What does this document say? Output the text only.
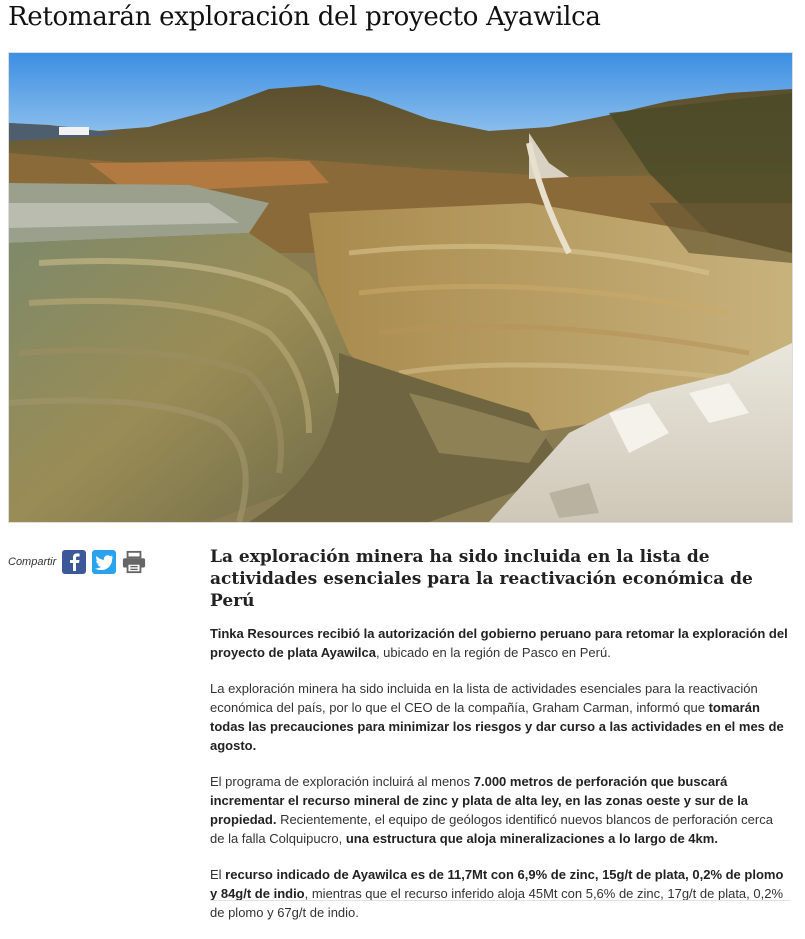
Retomarán exploración del proyecto Ayawilca
Compartir	La exploración minera ha sido incluida en la lista de actividades esenciales para la reactivación económica de Perú

Tinka Resources recibió la autorización del gobierno peruano para retomar la exploración del proyecto de plata Ayawilca, ubicado en la región de Pasco en Perú.

La exploración minera ha sido incluida en la lista de actividades esenciales para la reactivación económica del país, por lo que el CEO de la compañía, Graham Carman, informó que tomarán todas las precauciones para minimizar los riesgos y dar curso a las actividades en el mes de agosto.

El programa de exploración incluirá al menos 7.000 metros de perforación que buscará incrementar el recurso mineral de zinc y plata de alta ley, en las zonas oeste y sur de la propiedad. Recientemente, el equipo de geólogos identificó nuevos blancos de perforación cerca de la falla Colquipucro, una estructura que aloja mineralizaciones a lo largo de 4km.

El recurso indicado de Ayawilca es de 11,7Mt con 6,9% de zinc, 15g/t de plata, 0,2% de plomo y 84g/t de indio, mientras que el recurso inferido aloja 45Mt con 5,6% de zinc, 17g/t de plata, 0,2% de plomo y 67g/t de indio.
